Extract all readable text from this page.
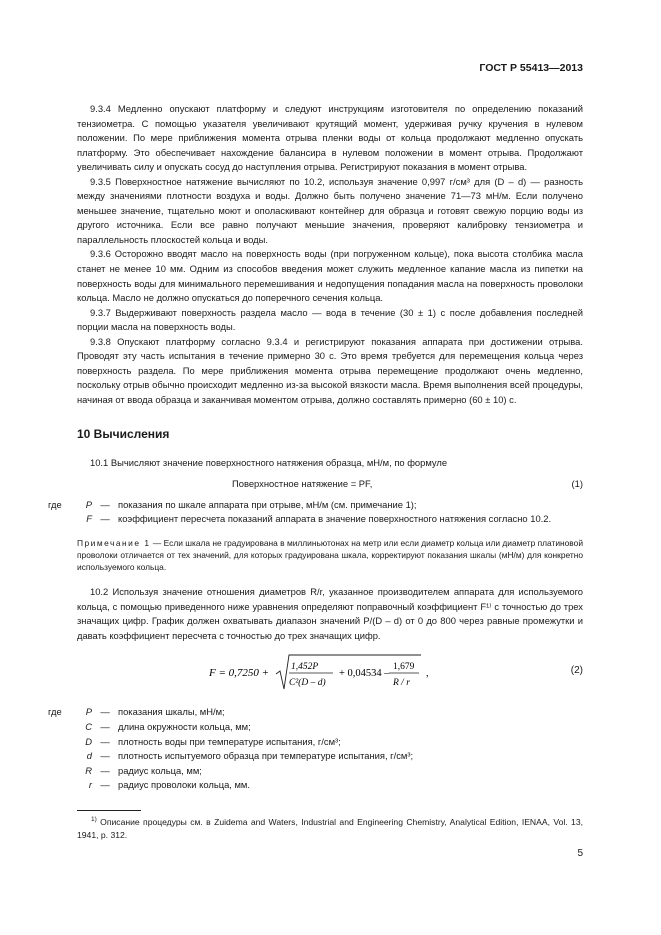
ГОСТ Р 55413—2013

9.3.4 Медленно опускают платформу и следуют инструкциям изготовителя по определению показаний тензиометра. С помощью указателя увеличивают крутящий момент, удерживая ручку кручения в нулевом положении. По мере приближения момента отрыва пленки воды от кольца продолжают медленно опускать платформу. Это обеспечивает нахождение балансира в нулевом положении в момент отрыва. Продолжают увеличивать силу и опускать сосуд до наступления отрыва. Регистрируют показания в момент отрыва.

9.3.5 Поверхностное натяжение вычисляют по 10.2, используя значение 0,997 г/см³ для (D – d) — разность между значениями плотности воздуха и воды. Должно быть получено значение 71—73 мН/м. Если получено меньшее значение, тщательно моют и ополаскивают контейнер для образца и готовят свежую порцию воды из другого источника. Если все равно получают меньшие значения, проверяют калибровку тензиометра и параллельность плоскостей кольца и воды.

9.3.6 Осторожно вводят масло на поверхность воды (при погруженном кольце), пока высота столбика масла станет не менее 10 мм. Одним из способов введения может служить медленное капание масла из пипетки на поверхность воды для минимального перемешивания и недопущения попадания масла на поверхность проволоки кольца. Масло не должно опускаться до поперечного сечения кольца.

9.3.7 Выдерживают поверхность раздела масло — вода в течение (30 ± 1) с после добавления последней порции масла на поверхность воды.

9.3.8 Опускают платформу согласно 9.3.4 и регистрируют показания аппарата при достижении отрыва. Проводят эту часть испытания в течение примерно 30 с. Это время требуется для перемещения кольца через поверхность раздела. По мере приближения момента отрыва перемещение продолжают очень медленно, поскольку отрыв обычно происходит медленно из-за высокой вязкости масла. Время выполнения всей процедуры, начиная от ввода образца и заканчивая моментом отрыва, должно составлять примерно (60 ± 10) с.

10 Вычисления

10.1 Вычисляют значение поверхностного натяжения образца, мН/м, по формуле

Поверхностное натяжение = PF,	(1)
где	P	—	показания по шкале аппарата при отрыве, мН/м (см. примечание 1);
	F	—	коэффициент пересчета показаний аппарата в значение поверхностного натяжения согласно 10.2.

Примечание 1 — Если шкала не градуирована в миллиньютонах на метр или если диаметр кольца или диаметр платиновой проволоки отличается от тех значений, для которых градуирована шкала, корректируют показания шкалы (мН/м) для конкретно используемого кольца.

10.2 Используя значение отношения диаметров R/r, указанное производителем аппарата для используемого кольца, с помощью приведенного ниже уравнения определяют поправочный коэффициент F¹⁾ с точностью до трех значащих цифр. График должен охватывать диапазон значений P/(D – d) от 0 до 800 через равные промежутки и давать коэффициент пересчета с точностью до трех значащих цифр.

F = 0,7250 + 1,452P
C²(D – d)
+ 0,04534 –
1,679
R / r
,	(2)
где	P	—	показания шкалы, мН/м;
	C	—	длина окружности кольца, мм;
	D	—	плотность воды при температуре испытания, г/см³;
	d	—	плотность испытуемого образца при температуре испытания, г/см³;
	R	—	радиус кольца, мм;
	r	—	радиус проволоки кольца, мм.
$^{1)}$ Описание процедуры см. в Zuidema and Waters, Industrial and Engineering Chemistry, Analytical Edition, IENAA, Vol. 13, 1941, p. 312.
5
